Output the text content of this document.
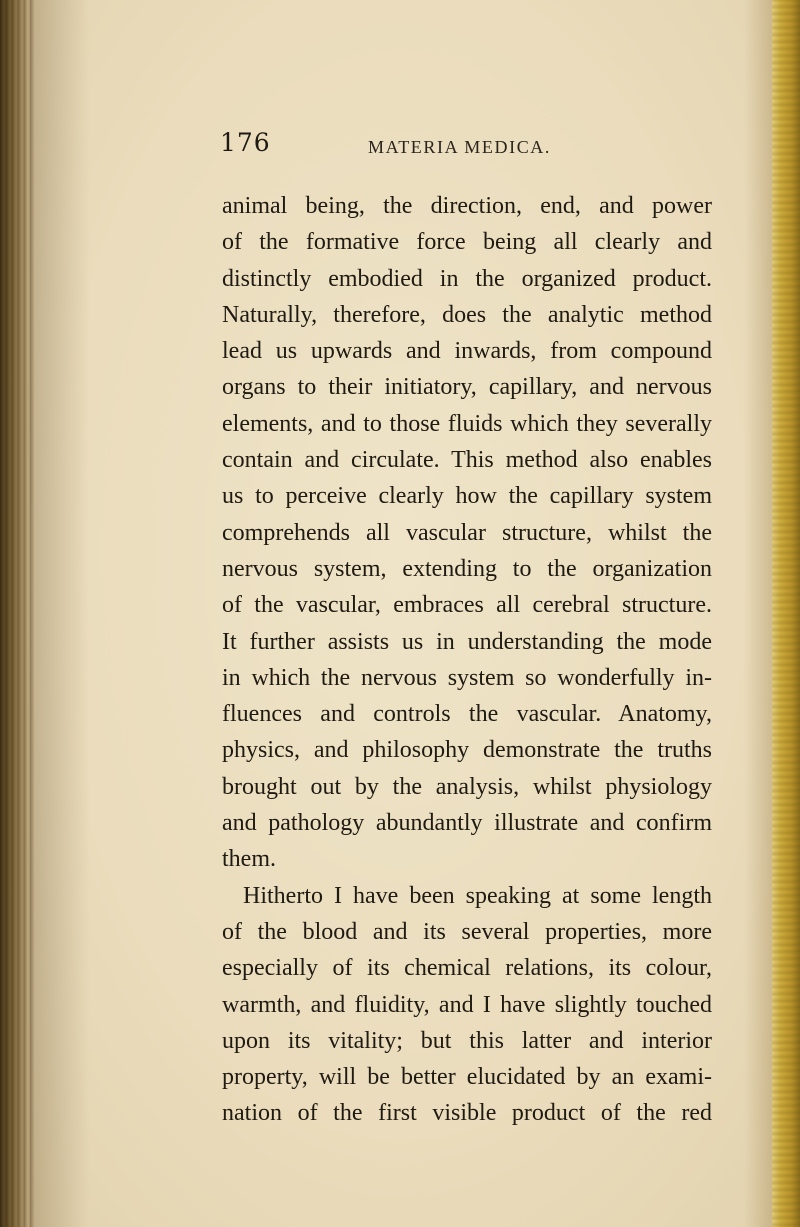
176	MATERIA MEDICA.
animal being, the direction, end, and power
of the formative force being all clearly and
distinctly embodied in the organized product.
Naturally, therefore, does the analytic method
lead us upwards and inwards, from compound
organs to their initiatory, capillary, and nervous
elements, and to those fluids which they severally
contain and circulate. This method also enables
us to perceive clearly how the capillary system
comprehends all vascular structure, whilst the
nervous system, extending to the organization
of the vascular, embraces all cerebral structure.
It further assists us in understanding the mode
in which the nervous system so wonderfully in-
fluences and controls the vascular. Anatomy,
physics, and philosophy demonstrate the truths
brought out by the analysis, whilst physiology
and pathology abundantly illustrate and confirm
them.
Hitherto I have been speaking at some length
of the blood and its several properties, more
especially of its chemical relations, its colour,
warmth, and fluidity, and I have slightly touched
upon its vitality; but this latter and interior
property, will be better elucidated by an exami-
nation of the first visible product of the red
